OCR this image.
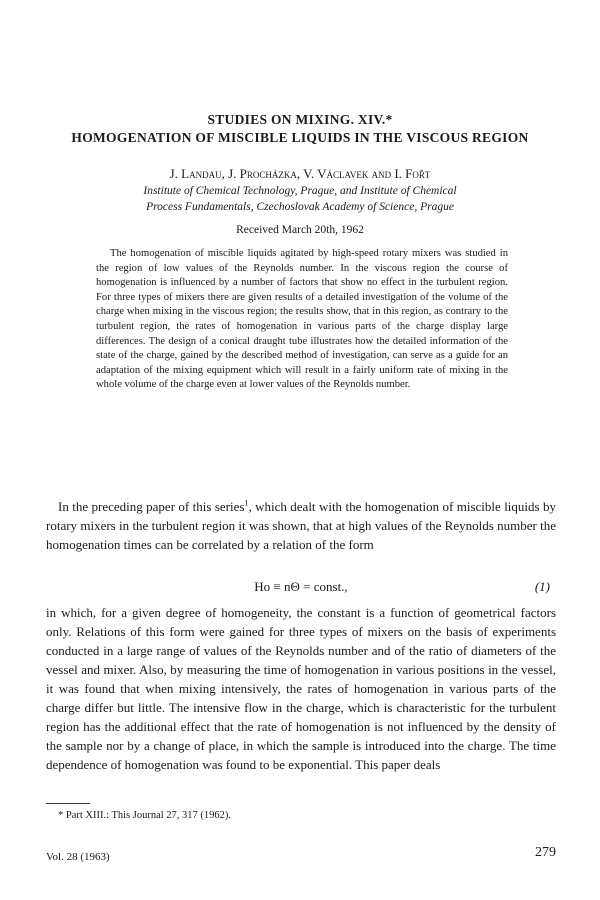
STUDIES ON MIXING. XIV.*
HOMOGENATION OF MISCIBLE LIQUIDS IN THE VISCOUS REGION
J. Landau, J. Procházka, V. Václavek and I. Fořt
Institute of Chemical Technology, Prague, and Institute of Chemical
Process Fundamentals, Czechoslovak Academy of Science, Prague
Received March 20th, 1962

The homogenation of miscible liquids agitated by high-speed rotary mixers was studied in the region of low values of the Reynolds number. In the viscous region the course of homogenation is influenced by a number of factors that show no effect in the turbulent region. For three types of mixers there are given results of a detailed investigation of the volume of the charge when mixing in the viscous region; the results show, that in this region, as contrary to the turbulent region, the rates of homogenation in various parts of the charge display large differences. The design of a conical draught tube illustrates how the detailed information of the state of the charge, gained by the described method of investigation, can serve as a guide for an adaptation of the mixing equipment which will result in a fairly uniform rate of mixing in the whole volume of the charge even at lower values of the Reynolds number.

In the preceding paper of this series$^1$, which dealt with the homogenation of miscible liquids by rotary mixers in the turbulent region it was shown, that at high values of the Reynolds number the homogenation times can be correlated by a relation of the form

Ho ≡ nΘ = const.,	(1)

in which, for a given degree of homogeneity, the constant is a function of geometrical factors only. Relations of this form were gained for three types of mixers on the basis of experiments conducted in a large range of values of the Reynolds number and of the ratio of diameters of the vessel and mixer. Also, by measuring the time of homogenation in various positions in the vessel, it was found that when mixing intensively, the rates of homogenation in various parts of the charge differ but little. The intensive flow in the charge, which is characteristic for the turbulent region has the additional effect that the rate of homogenation is not influenced by the density of the sample nor by a change of place, in which the sample is introduced into the charge. The time dependence of homogenation was found to be exponential. This paper deals

* Part XIII.: This Journal 27, 317 (1962).
Vol. 28 (1963)	279
